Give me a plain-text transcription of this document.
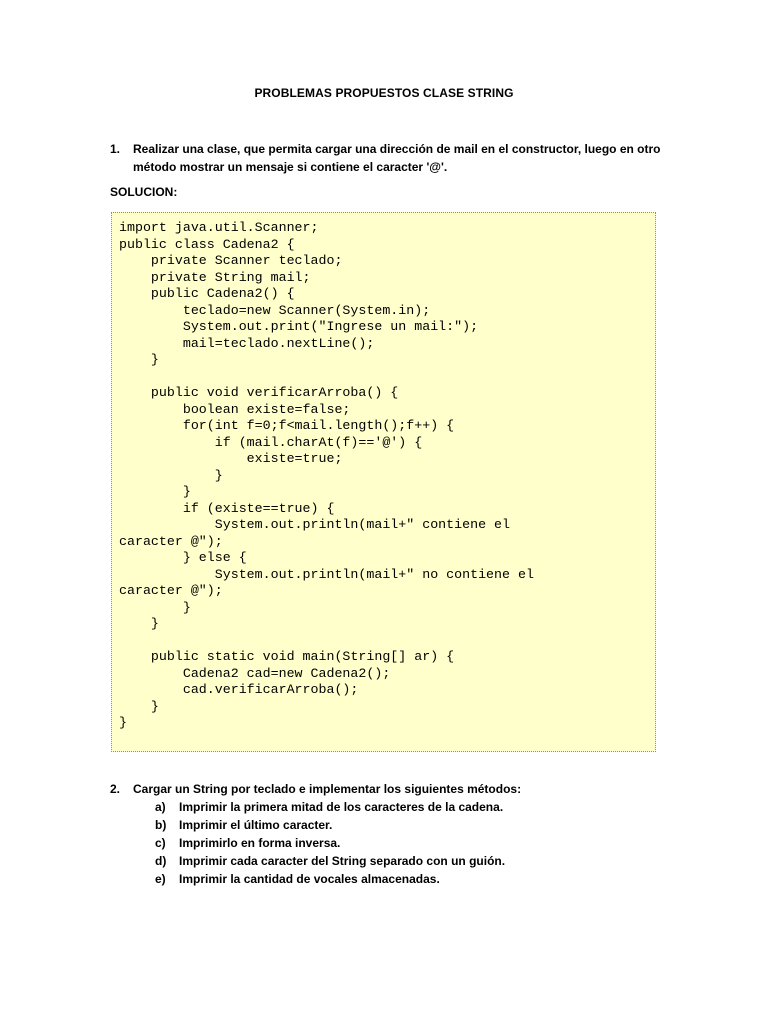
PROBLEMAS PROPUESTOS CLASE STRING
1. Realizar una clase, que permita cargar una dirección de mail en el constructor, luego en otro método mostrar un mensaje si contiene el caracter '@'.
SOLUCION:
import java.util.Scanner;
public class Cadena2 {
private Scanner teclado;
private String mail;
public Cadena2() {
teclado=new Scanner(System.in);
System.out.print("Ingrese un mail:");
mail=teclado.nextLine();
}

public void verificarArroba() {
boolean existe=false;
for(int f=0;f<mail.length();f++) {
if (mail.charAt(f)=='@') {
existe=true;
}
}
if (existe==true) {
System.out.println(mail+" contiene el
caracter @");
} else {
System.out.println(mail+" no contiene el
caracter @");
}
}

public static void main(String[] ar) {
Cadena2 cad=new Cadena2();
cad.verificarArroba();
}
}
2. Cargar un String por teclado e implementar los siguientes métodos:
a) Imprimir la primera mitad de los caracteres de la cadena.
b) Imprimir el último caracter.
c) Imprimirlo en forma inversa.
d) Imprimir cada caracter del String separado con un guión.
e) Imprimir la cantidad de vocales almacenadas.
